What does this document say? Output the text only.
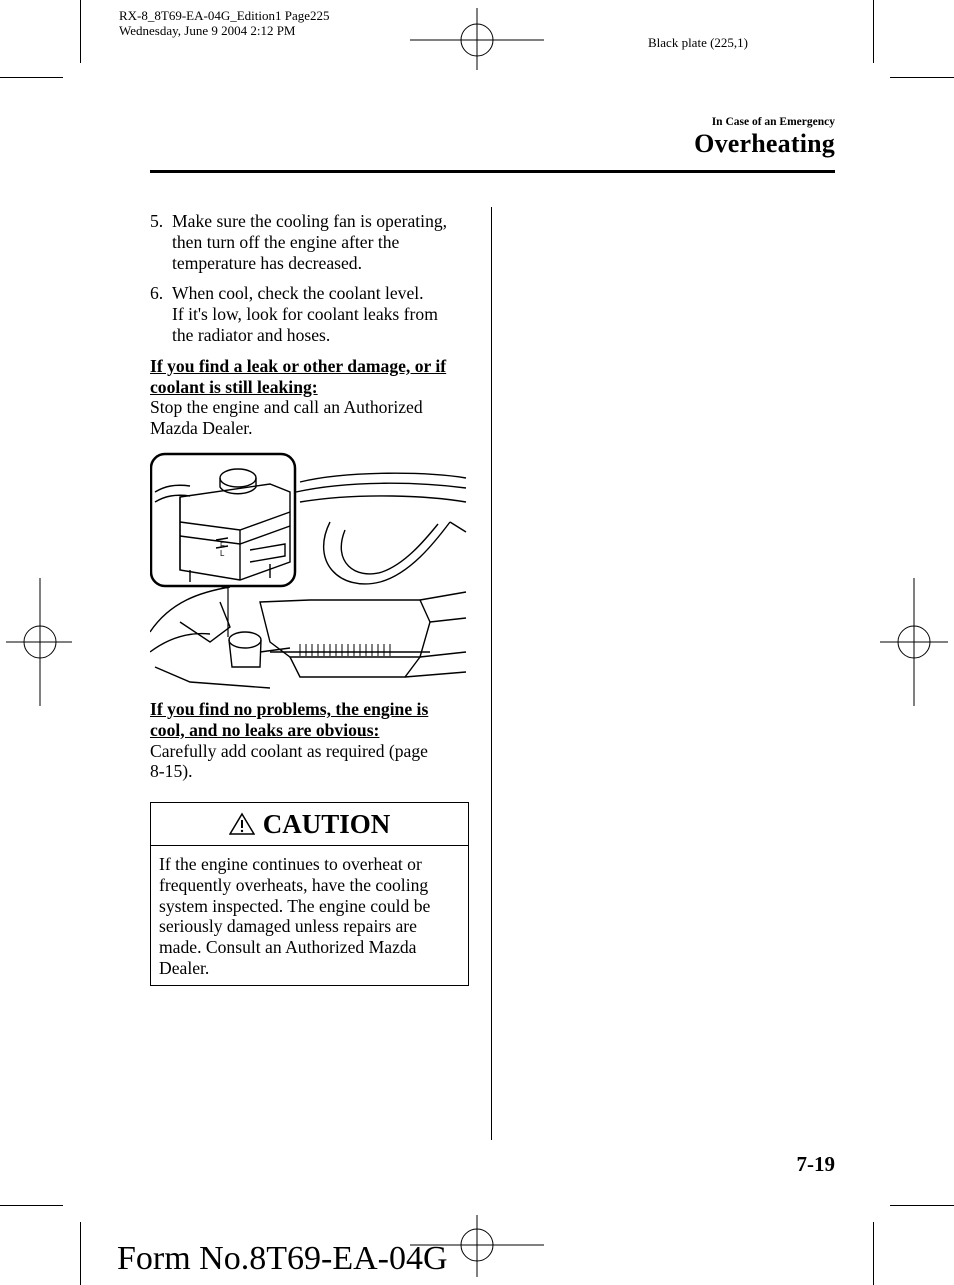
RX-8_8T69-EA-04G_Edition1 Page225
Wednesday, June 9 2004 2:12 PM
Black plate (225,1)
In Case of an Emergency
Overheating
5. Make sure the cooling fan is operating,
then turn off the engine after the
temperature has decreased.
6. When cool, check the coolant level.
If it's low, look for coolant leaks from
the radiator and hoses.
If you find a leak or other damage, or if
coolant is still leaking:
Stop the engine and call an Authorized
Mazda Dealer.
F
L
If you find no problems, the engine is
cool, and no leaks are obvious:
Carefully add coolant as required (page
8-15).
CAUTION
If the engine continues to overheat or
frequently overheats, have the cooling
system inspected. The engine could be
seriously damaged unless repairs are
made. Consult an Authorized Mazda
Dealer.
7-19
Form No.8T69-EA-04G
